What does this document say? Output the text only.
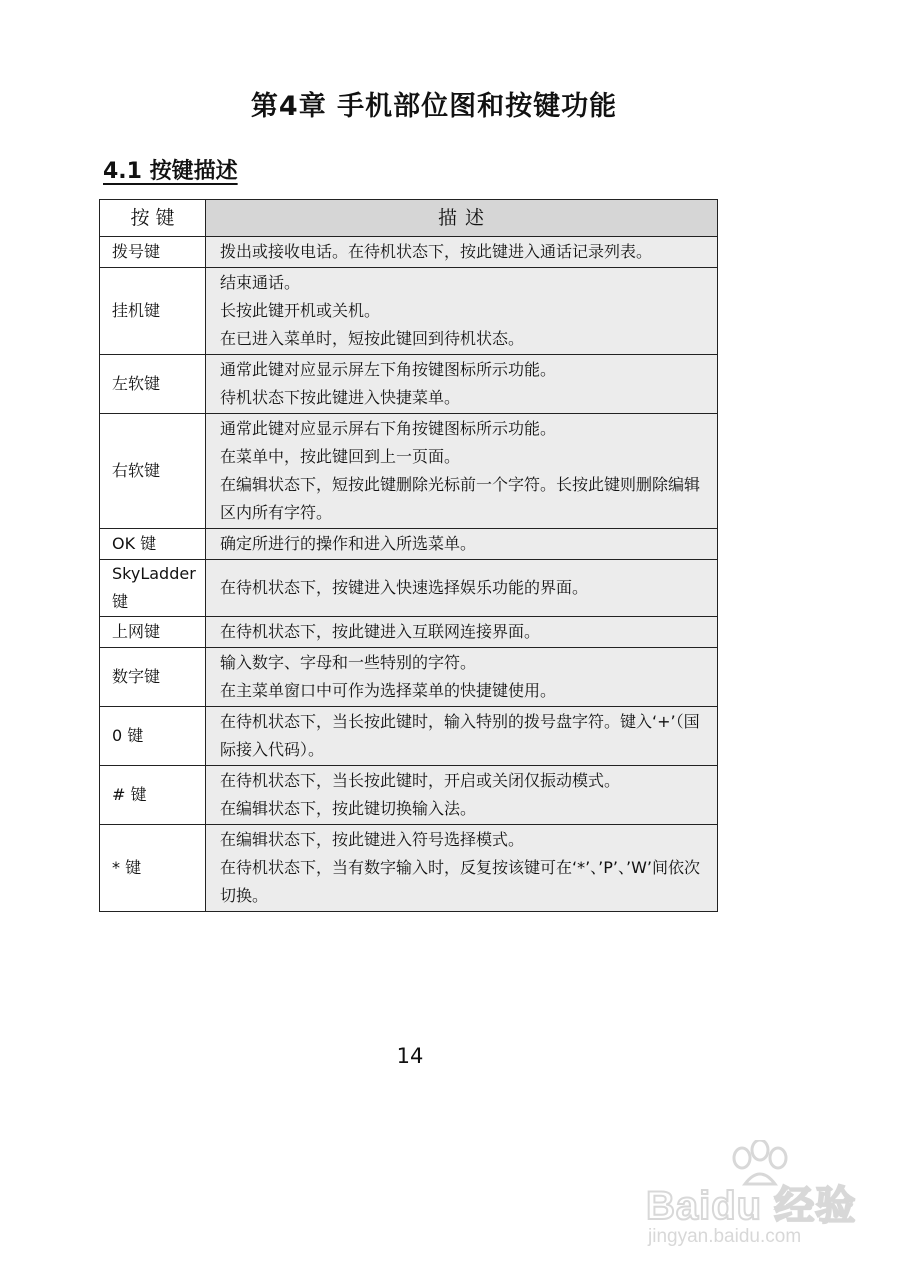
第4章 手机部位图和按键功能
4.1 按键描述
按 键	描 述
拨号键	拨出或接收电话。在待机状态下，按此键进入通话记录列表。

挂机键	结束通话。
长按此键开机或关机。
在已进入菜单时，短按此键回到待机状态。

左软键	通常此键对应显示屏左下角按键图标所示功能。
待机状态下按此键进入快捷菜单。

右软键	通常此键对应显示屏右下角按键图标所示功能。
在菜单中，按此键回到上一页面。
在编辑状态下，短按此键删除光标前一个字符。长按此键则删除编辑区内所有字符。

OK 键	确定所进行的操作和进入所选菜单。

SkyLadder 键	在待机状态下，按键进入快速选择娱乐功能的界面。

上网键	在待机状态下，按此键进入互联网连接界面。

数字键	输入数字、字母和一些特别的字符。
在主菜单窗口中可作为选择菜单的快捷键使用。

0 键	在待机状态下，当长按此键时，输入特别的拨号盘字符。键入‘+’（国际接入代码）。

# 键	在待机状态下，当长按此键时，开启或关闭仅振动模式。
在编辑状态下，按此键切换输入法。

* 键	在编辑状态下，按此键进入符号选择模式。
在待机状态下，当有数字输入时，反复按该键可在‘*’、’P’、’W’间依次切换。
14
Baidu 经验
jingyan.baidu.com
